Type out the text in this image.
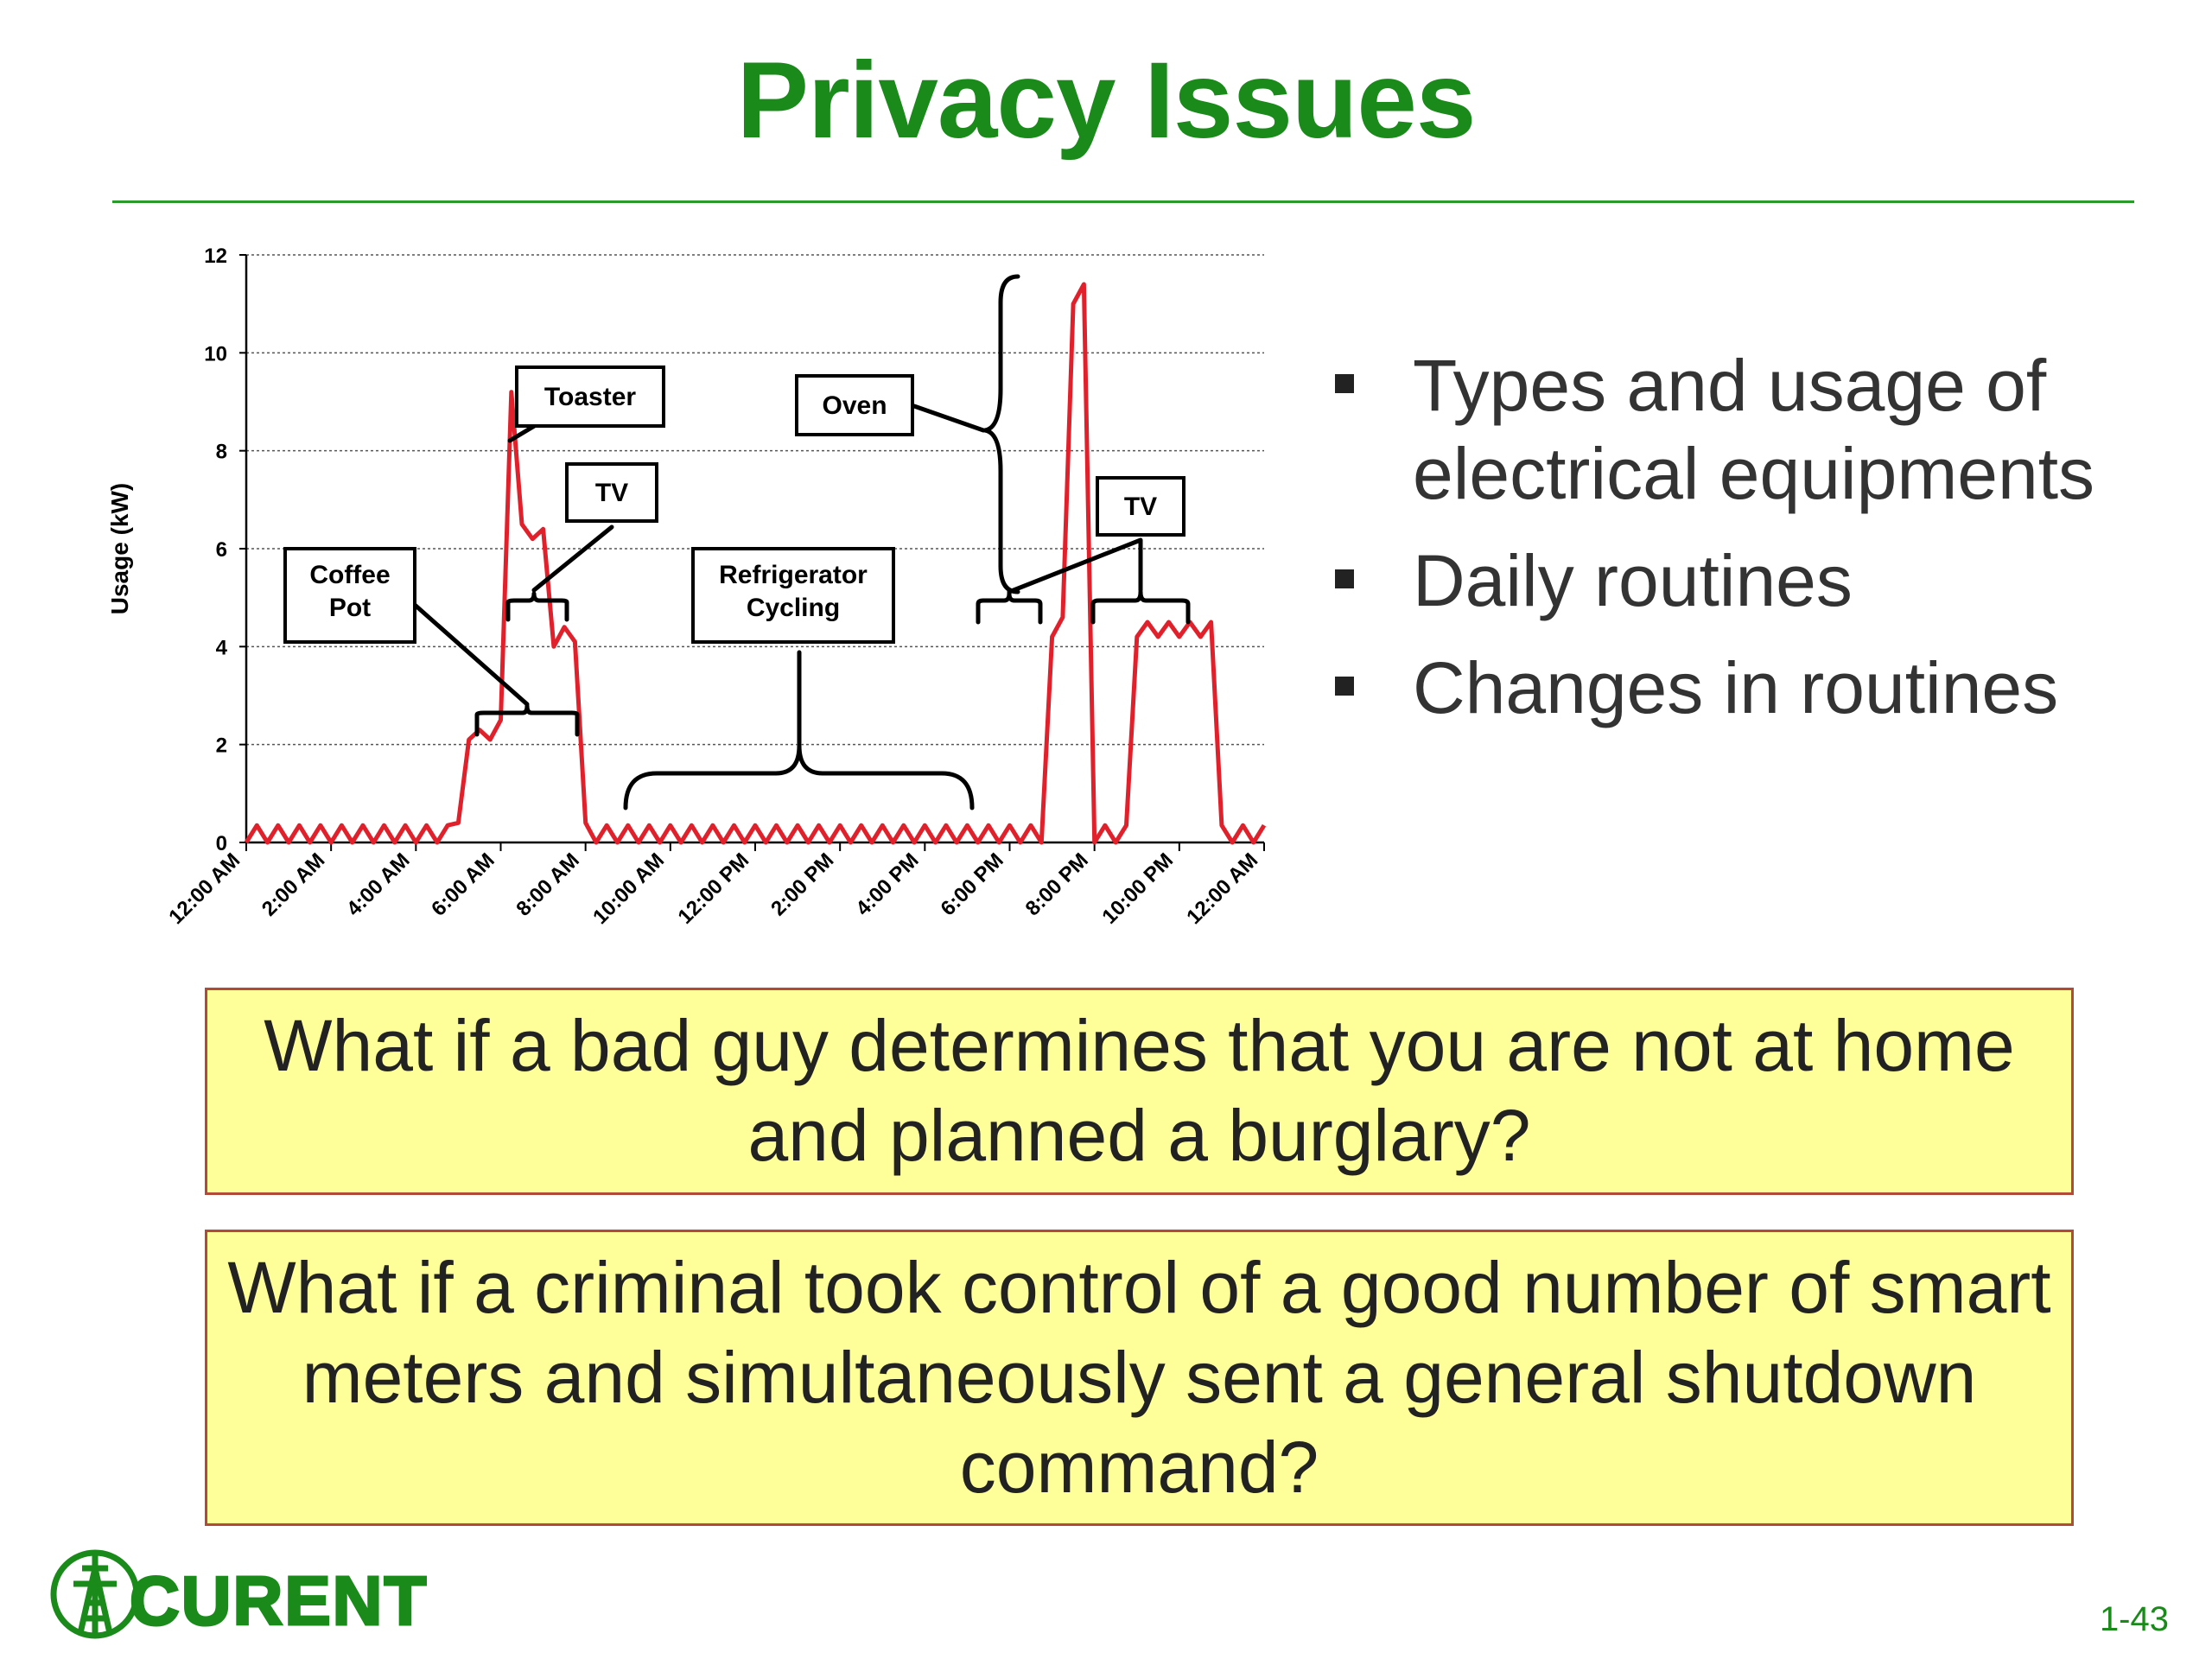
Privacy Issues
0
2
4
6
8
10
12
Usage (kW)
12:00 AM 2:00 AM 4:00 AM 6:00 AM 8:00 AM 10:00 AM 12:00 PM 2:00 PM 4:00 PM 6:00 PM 8:00 PM 10:00 PM 12:00 AM
Toaster
TV
Coffee Pot
Refrigerator Cycling
Oven
TV
Types and usage of electrical equipments
Daily routines
Changes in routines
What if a bad guy determines that you are not at home and planned a burglary?
What if a criminal took control of a good number of smart meters and simultaneously sent a general shutdown command?
CURENT	1-43
